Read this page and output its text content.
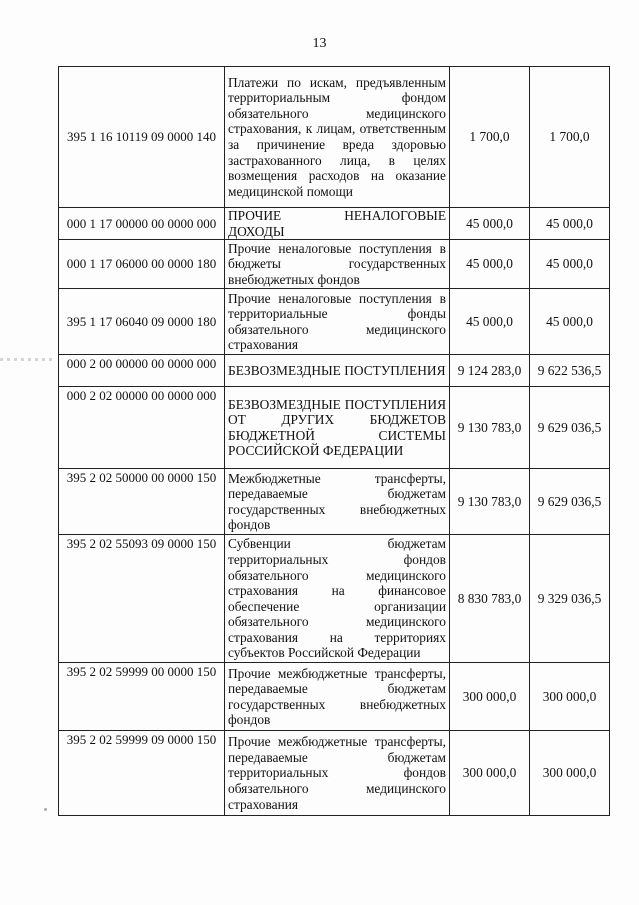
13
395 1 16 10119 09 0000 140	Платежи по искам, предъявленным территориальным фондом обязательного медицинского страхования, к лицам, ответственным за причинение вреда здоровью застрахованного лица, в целях возмещения расходов на оказание медицинской помощи	1 700,0	1 700,0
000 1 17 00000 00 0000 000	ПРОЧИЕ НЕНАЛОГОВЫЕ ДОХОДЫ	45 000,0	45 000,0
000 1 17 06000 00 0000 180	Прочие неналоговые поступления в бюджеты государственных внебюджетных фондов	45 000,0	45 000,0
395 1 17 06040 09 0000 180	Прочие неналоговые поступления в территориальные фонды обязательного медицинского страхования	45 000,0	45 000,0
000 2 00 00000 00 0000 000	БЕЗВОЗМЕЗДНЫЕ ПОСТУПЛЕНИЯ	9 124 283,0	9 622 536,5
000 2 02 00000 00 0000 000	БЕЗВОЗМЕЗДНЫЕ ПОСТУПЛЕНИЯ ОТ ДРУГИХ БЮДЖЕТОВ БЮДЖЕТНОЙ СИСТЕМЫ РОССИЙСКОЙ ФЕДЕРАЦИИ	9 130 783,0	9 629 036,5
395 2 02 50000 00 0000 150	Межбюджетные трансферты, передаваемые бюджетам государственных внебюджетных фондов	9 130 783,0	9 629 036,5
395 2 02 55093 09 0000 150	Субвенции бюджетам территориальных фондов обязательного медицинского страхования на финансовое обеспечение организации обязательного медицинского страхования на территориях субъектов Российской Федерации	8 830 783,0	9 329 036,5
395 2 02 59999 00 0000 150	Прочие межбюджетные трансферты, передаваемые бюджетам государственных внебюджетных фондов	300 000,0	300 000,0
395 2 02 59999 09 0000 150	Прочие межбюджетные трансферты, передаваемые бюджетам территориальных фондов обязательного медицинского страхования	300 000,0	300 000,0
